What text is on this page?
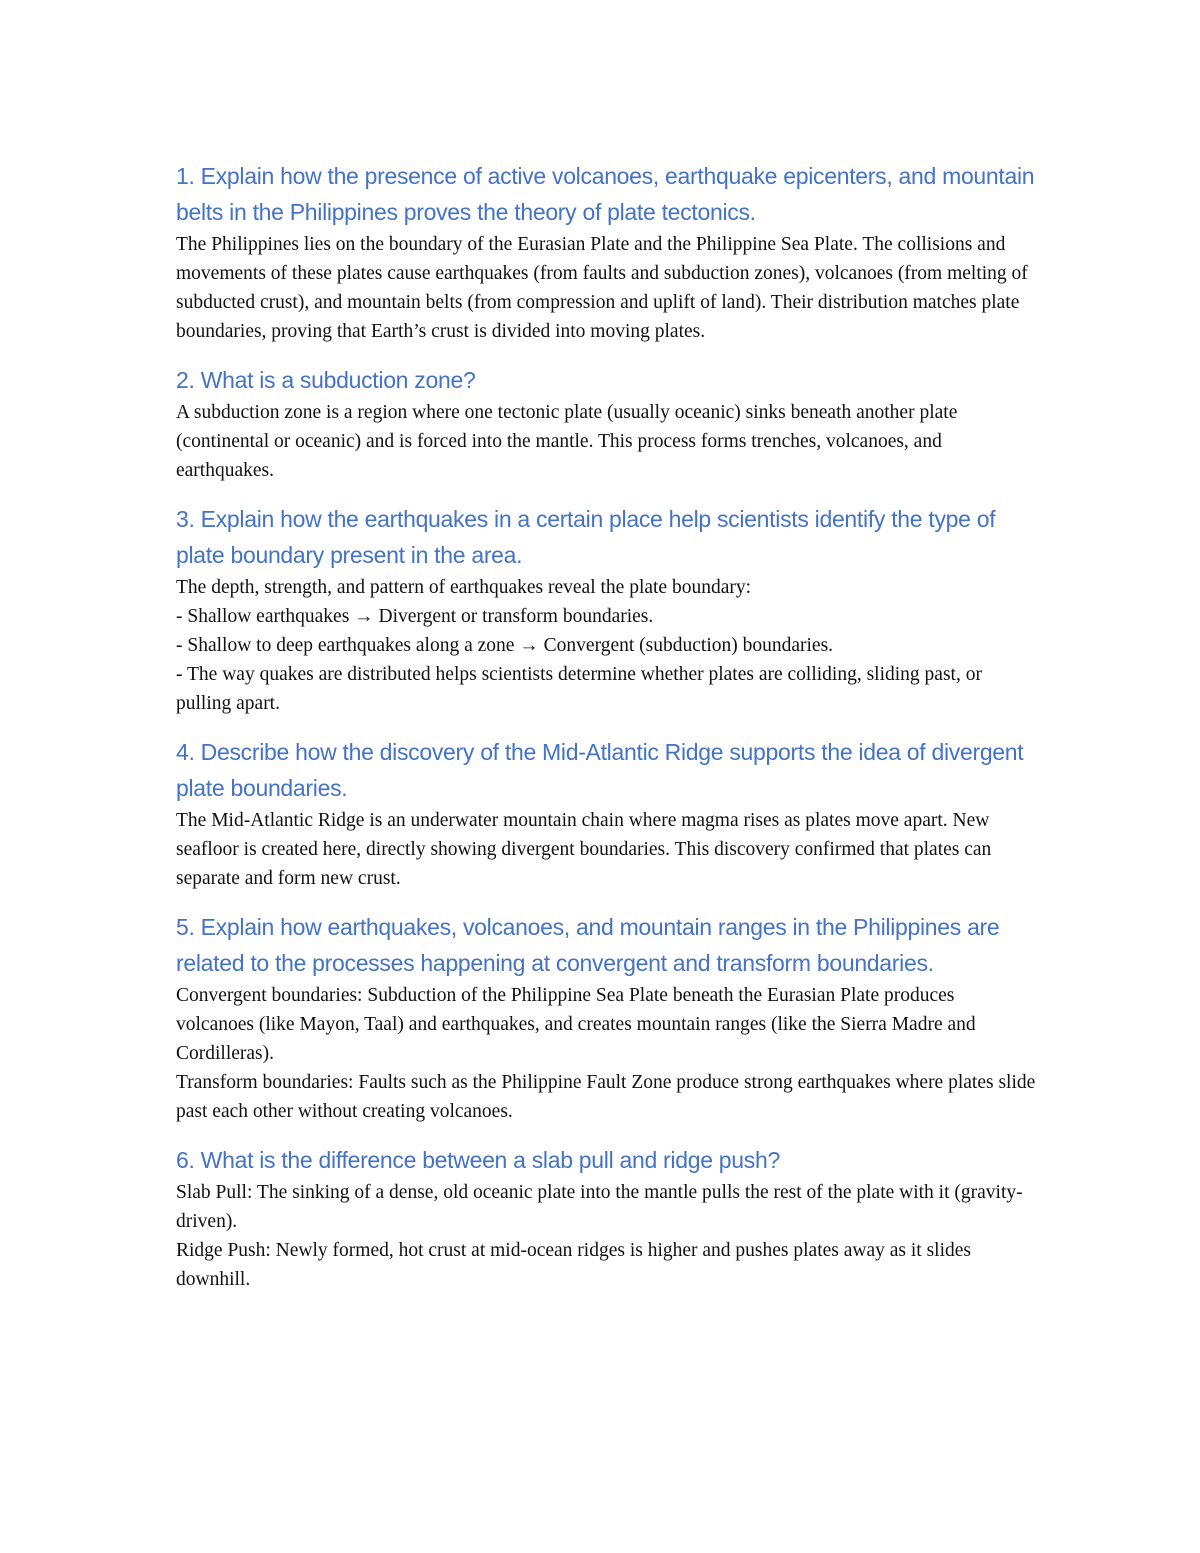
1. Explain how the presence of active volcanoes, earthquake epicenters, and mountain belts in the Philippines proves the theory of plate tectonics.

The Philippines lies on the boundary of the Eurasian Plate and the Philippine Sea Plate. The collisions and movements of these plates cause earthquakes (from faults and subduction zones), volcanoes (from melting of subducted crust), and mountain belts (from compression and uplift of land). Their distribution matches plate boundaries, proving that Earth’s crust is divided into moving plates.

2. What is a subduction zone?

A subduction zone is a region where one tectonic plate (usually oceanic) sinks beneath another plate (continental or oceanic) and is forced into the mantle. This process forms trenches, volcanoes, and earthquakes.

3. Explain how the earthquakes in a certain place help scientists identify the type of plate boundary present in the area.

The depth, strength, and pattern of earthquakes reveal the plate boundary:

- Shallow earthquakes → Divergent or transform boundaries.

- Shallow to deep earthquakes along a zone → Convergent (subduction) boundaries.

- The way quakes are distributed helps scientists determine whether plates are colliding, sliding past, or pulling apart.

4. Describe how the discovery of the Mid-Atlantic Ridge supports the idea of divergent plate boundaries.

The Mid-Atlantic Ridge is an underwater mountain chain where magma rises as plates move apart. New seafloor is created here, directly showing divergent boundaries. This discovery confirmed that plates can separate and form new crust.

5. Explain how earthquakes, volcanoes, and mountain ranges in the Philippines are related to the processes happening at convergent and transform boundaries.

Convergent boundaries: Subduction of the Philippine Sea Plate beneath the Eurasian Plate produces volcanoes (like Mayon, Taal) and earthquakes, and creates mountain ranges (like the Sierra Madre and Cordilleras).

Transform boundaries: Faults such as the Philippine Fault Zone produce strong earthquakes where plates slide past each other without creating volcanoes.

6. What is the difference between a slab pull and ridge push?

Slab Pull: The sinking of a dense, old oceanic plate into the mantle pulls the rest of the plate with it (gravity-driven).

Ridge Push: Newly formed, hot crust at mid-ocean ridges is higher and pushes plates away as it slides downhill.
